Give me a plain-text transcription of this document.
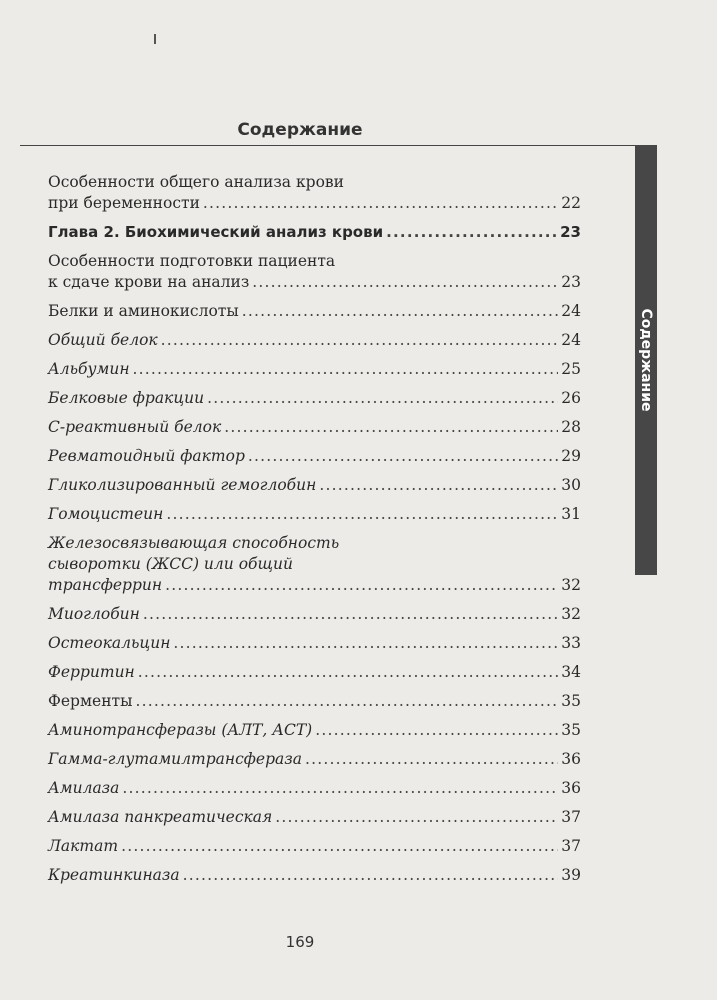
Содержание
Содержание
Особенности общего анализа крови
при беременности .....	22
Глава 2. Биохимический анализ крови .....	23
Особенности подготовки пациента
к сдаче крови на анализ .....	23
Белки и аминокислоты .....	24
Общий белок .....	24
Альбумин .....	25
Белковые фракции .....	26
С-реактивный белок .....	28
Ревматоидный фактор .....	29
Гликолизированный гемоглобин .....	30
Гомоцистеин .....	31
Железосвязывающая способность
сыворотки (ЖСС) или общий
трансферрин .....	32
Миоглобин .....	32
Остеокальцин .....	33
Ферритин .....	34
Ферменты .....	35
Аминотрансферазы (АЛТ, АСТ) .....	35
Гамма-глутамилтрансфераза .....	36
Амилаза .....	36
Амилаза панкреатическая .....	37
Лактат .....	37
Креатинкиназа .....	39
169
